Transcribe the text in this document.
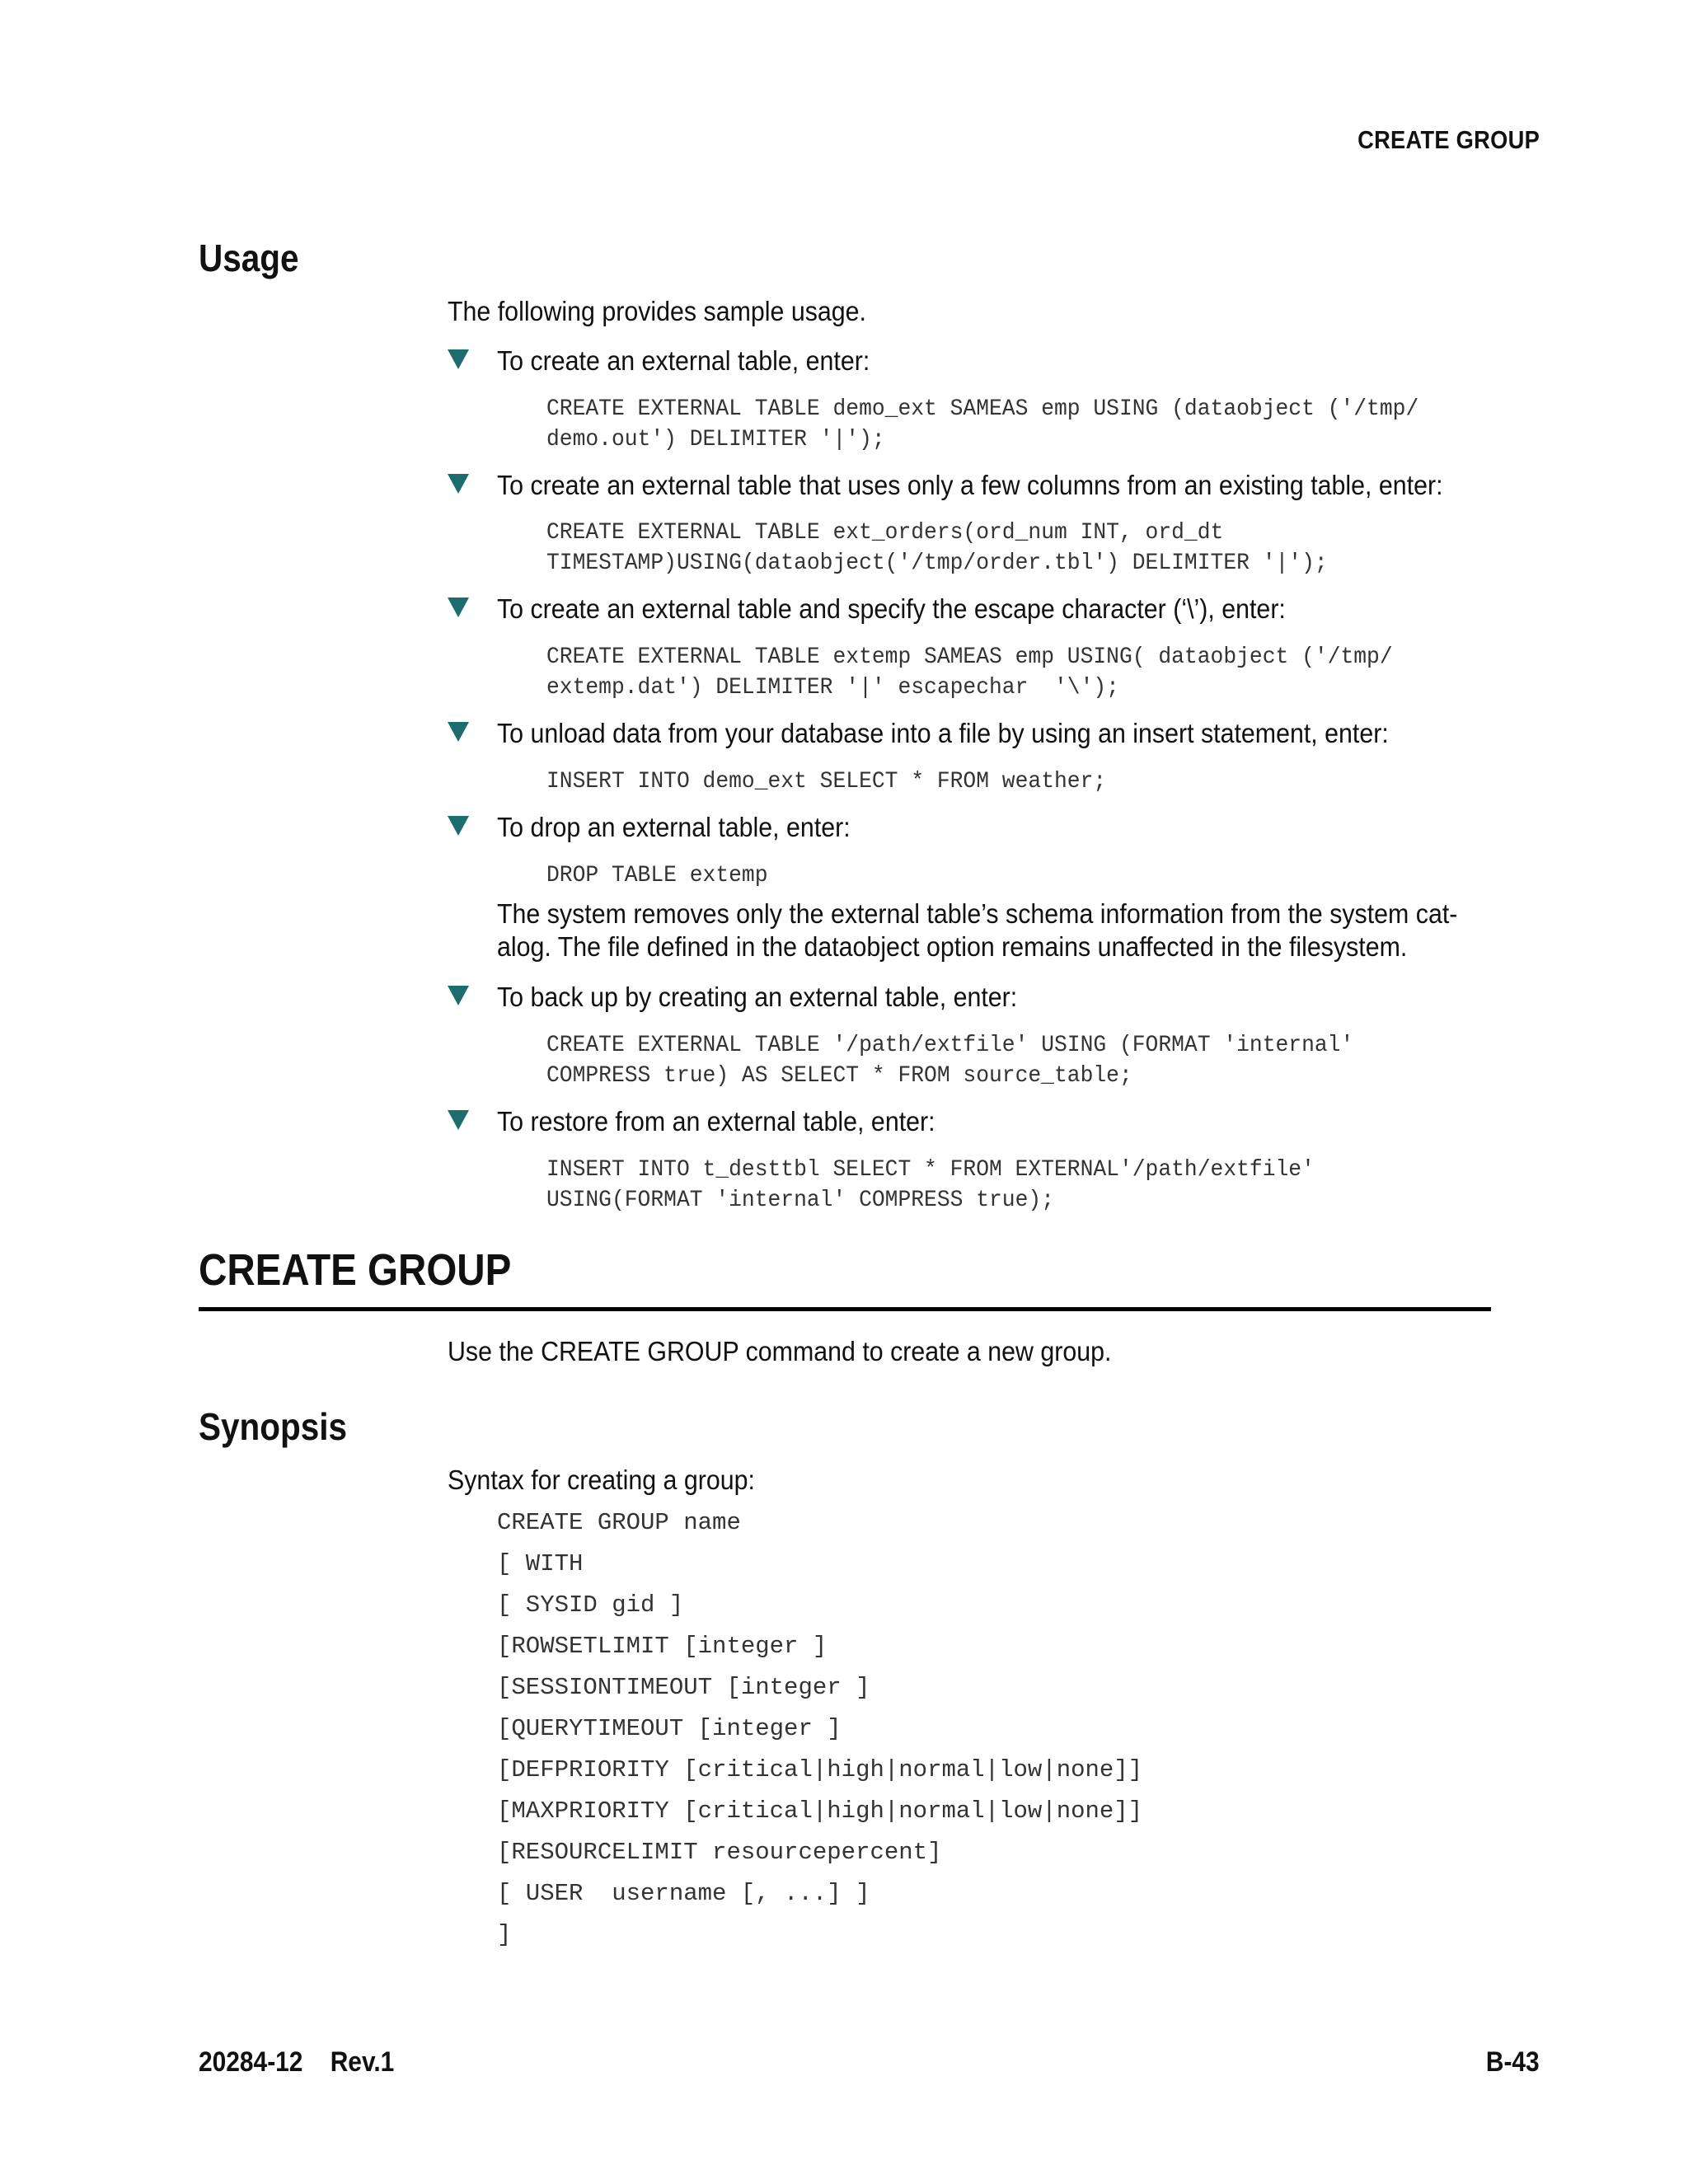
CREATE GROUP
Usage
The following provides sample usage.
To create an external table, enter:
CREATE EXTERNAL TABLE demo_ext SAMEAS emp USING (dataobject ('/tmp/
demo.out') DELIMITER '|');
To create an external table that uses only a few columns from an existing table, enter:
CREATE EXTERNAL TABLE ext_orders(ord_num INT, ord_dt
TIMESTAMP)USING(dataobject('/tmp/order.tbl') DELIMITER '|');
To create an external table and specify the escape character (‘\’), enter:
CREATE EXTERNAL TABLE extemp SAMEAS emp USING( dataobject ('/tmp/
extemp.dat') DELIMITER '|' escapechar  '\');
To unload data from your database into a file by using an insert statement, enter:
INSERT INTO demo_ext SELECT * FROM weather;
To drop an external table, enter:
DROP TABLE extemp
The system removes only the external table’s schema information from the system cat-
alog. The file defined in the dataobject option remains unaffected in the filesystem.
To back up by creating an external table, enter:
CREATE EXTERNAL TABLE '/path/extfile' USING (FORMAT 'internal'
COMPRESS true) AS SELECT * FROM source_table;
To restore from an external table, enter:
INSERT INTO t_desttbl SELECT * FROM EXTERNAL'/path/extfile'
USING(FORMAT 'internal' COMPRESS true);
CREATE GROUP
Use the CREATE GROUP command to create a new group.
Synopsis
Syntax for creating a group:
CREATE GROUP name
[ WITH
[ SYSID gid ]
[ROWSETLIMIT [integer ]
[SESSIONTIMEOUT [integer ]
[QUERYTIMEOUT [integer ]
[DEFPRIORITY [critical|high|normal|low|none]]
[MAXPRIORITY [critical|high|normal|low|none]]
[RESOURCELIMIT resourcepercent]
[ USER  username [, ...] ]
]
20284-12    Rev.1	B-43
